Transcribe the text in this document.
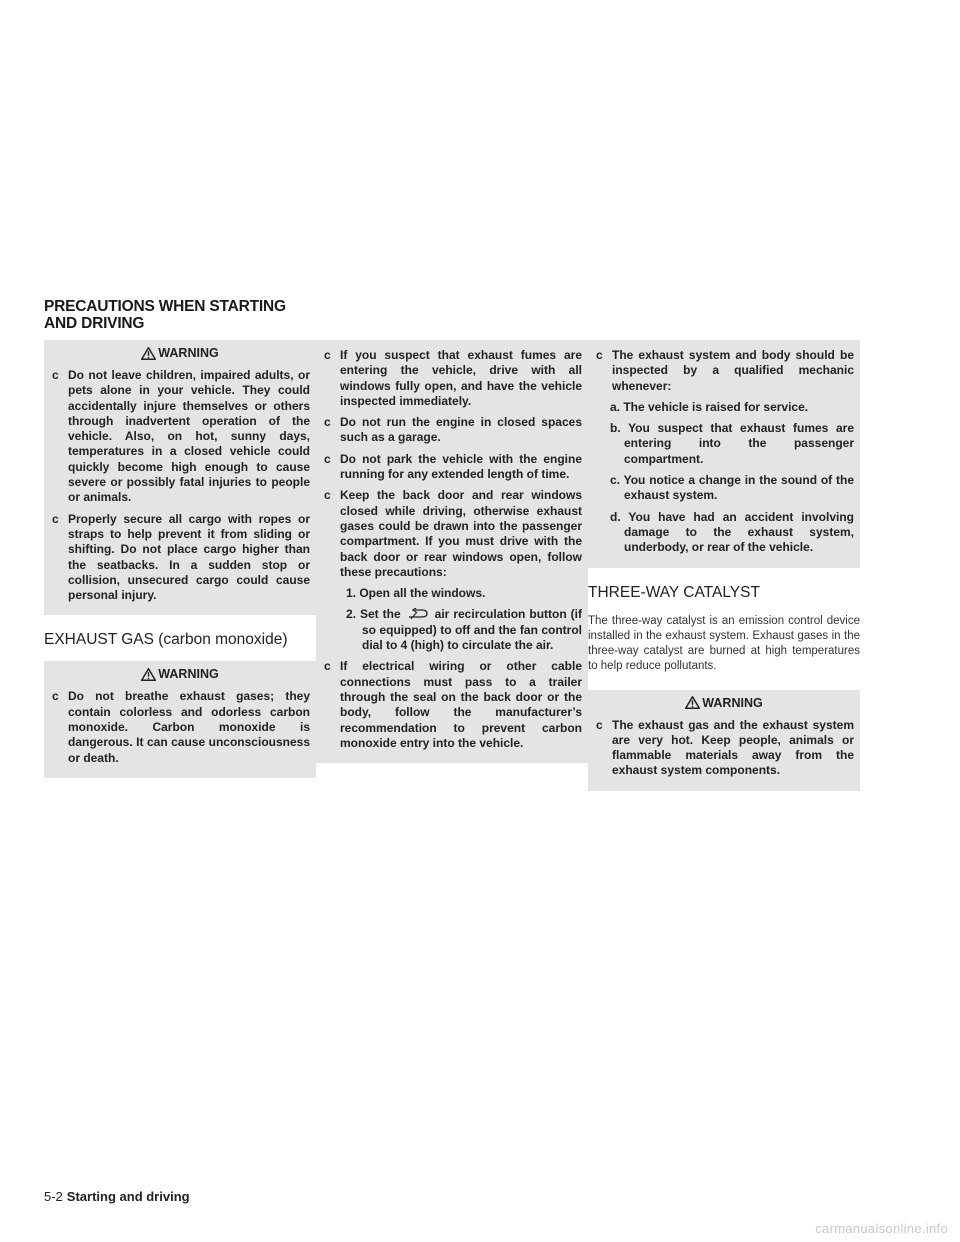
PRECAUTIONS WHEN STARTING
AND DRIVING
WARNING
c Do not leave children, impaired adults, or pets alone in your vehicle. They could accidentally injure themselves or others through inadvertent operation of the vehicle. Also, on hot, sunny days, temperatures in a closed vehicle could quickly become high enough to cause severe or possibly fatal injuries to people or animals.
c Properly secure all cargo with ropes or straps to help prevent it from sliding or shifting. Do not place cargo higher than the seatbacks. In a sudden stop or collision, unsecured cargo could cause personal injury.
EXHAUST GAS (carbon monoxide)
WARNING
c Do not breathe exhaust gases; they contain colorless and odorless carbon monoxide. Carbon monoxide is dangerous. It can cause unconsciousness or death.
c If you suspect that exhaust fumes are entering the vehicle, drive with all windows fully open, and have the vehicle inspected immediately.
c Do not run the engine in closed spaces such as a garage.
c Do not park the vehicle with the engine running for any extended length of time.
c Keep the back door and rear windows closed while driving, otherwise exhaust gases could be drawn into the passenger compartment. If you must drive with the back door or rear windows open, follow these precautions:
1. Open all the windows.
2. Set the	air recirculation button (if so equipped) to off and the fan control dial to 4 (high) to circulate the air.
c If electrical wiring or other cable connections must pass to a trailer through the seal on the back door or the body, follow the manufacturer’s recommendation to prevent carbon monoxide entry into the vehicle.
c The exhaust system and body should be inspected by a qualified mechanic whenever:
a. The vehicle is raised for service.
b. You suspect that exhaust fumes are entering into the passenger compartment.
c. You notice a change in the sound of the exhaust system.
d. You have had an accident involving damage to the exhaust system, underbody, or rear of the vehicle.
THREE-WAY CATALYST
The three-way catalyst is an emission control device installed in the exhaust system. Exhaust gases in the three-way catalyst are burned at high temperatures to help reduce pollutants.
WARNING
c The exhaust gas and the exhaust system are very hot. Keep people, animals or flammable materials away from the exhaust system components.
5-2 Starting and driving
carmanualsonline.info
